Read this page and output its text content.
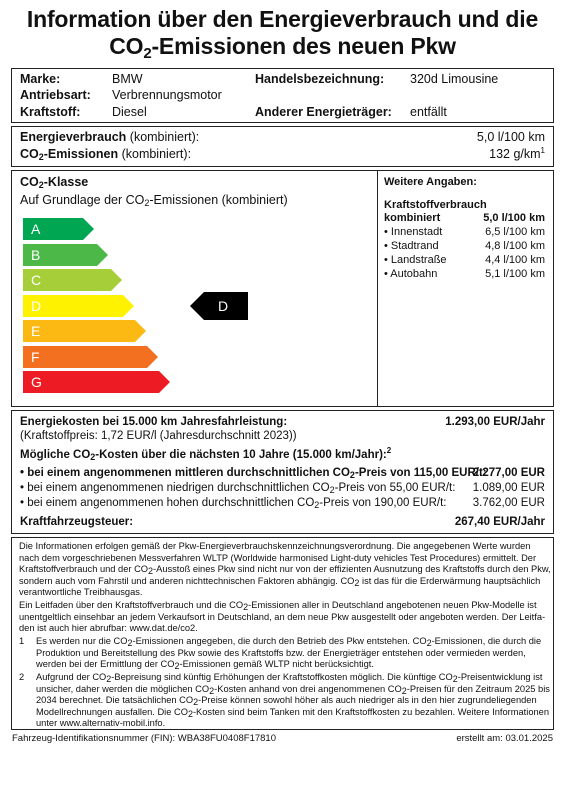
Information über den Energieverbrauch und die
$CO_2$-Emissionen des neuen Pkw
Marke:	BMW
Antriebsart: Verbrennungsmotor
Kraftstoff:	Diesel
Handelsbezeichnung: 320d Limousine
Anderer Energieträger: entfällt
Energieverbrauch (kombiniert):	5,0 l/100 km
CO2-Emissionen (kombiniert):	132 $g/km^1$
CO2-Klasse
Auf Grundlage der CO2-Emissionen (kombiniert)
A
B
C
D
E
F
G
D
Weitere Angaben:
Kraftstoffverbrauch
kombiniert	5,0 l/100 km
• Innenstadt	6,5 l/100 km
• Stadtrand	4,8 l/100 km
• Landstraße	4,4 l/100 km
• Autobahn	5,1 l/100 km
Energiekosten bei 15.000 km Jahresfahrleistung:	1.293,00 EUR/Jahr
(Kraftstoffpreis: 1,72 EUR/l (Jahresdurchschnitt 2023))
Mögliche CO2-Kosten über die nächsten 10 Jahre (15.000 km/Jahr):$^2$
• bei einem angenommenen mittleren durchschnittlichen CO2-Preis von 115,00 EUR/t:
2.277,00 EUR
• bei einem angenommenen niedrigen durchschnittlichen CO2-Preis von 55,00 EUR/t: 1.089,00 EUR
• bei einem angenommenen hohen durchschnittlichen CO2-Preis von 190,00 EUR/t: 3.762,00 EUR
Kraftfahrzeugsteuer:	267,40 EUR/Jahr
Die Informationen erfolgen gemäß der Pkw-Energieverbrauchskennzeichnungsverordnung. Die angegebenen Werte wurden
nach dem vorgeschriebenen Messverfahren WLTP (Worldwide harmonised Light-duty vehicles Test Procedures) ermittelt. Der
Kraftstoffverbrauch und der CO2-Ausstoß eines Pkw sind nicht nur von der effizienten Ausnutzung des Kraftstoffs durch den Pkw,
sondern auch vom Fahrstil und anderen nichttechnischen Faktoren abhängig. CO2 ist das für die Erderwärmung hauptsächlich
verantwortliche Treibhausgas.
Ein Leitfaden über den Kraftstoffverbrauch und die CO2-Emissionen aller in Deutschland angebotenen neuen Pkw-Modelle ist
unentgeltlich einsehbar an jedem Verkaufsort in Deutschland, an dem neue Pkw ausgestellt oder angeboten werden. Der Leitfa-
den ist auch hier abrufbar: www.dat.de/co2.
1 Es werden nur die CO2-Emissionen angegeben, die durch den Betrieb des Pkw entstehen. CO2-Emissionen, die durch die
Produktion und Bereitstellung des Pkw sowie des Kraftstoffs bzw. der Energieträger entstehen oder vermieden werden,
werden bei der Ermittlung der CO2-Emissionen gemäß WLTP nicht berücksichtigt.
2 Aufgrund der CO2-Bepreisung sind künftig Erhöhungen der Kraftstoffkosten möglich. Die künftige CO2-Preisentwicklung ist
unsicher, daher werden die möglichen CO2-Kosten anhand von drei angenommenen CO2-Preisen für den Zeitraum 2025 bis
2034 berechnet. Die tatsächlichen CO2-Preise können sowohl höher als auch niedriger als in den hier zugrundeliegenden
Modellrechnungen ausfallen. Die CO2-Kosten sind beim Tanken mit den Kraftstoffkosten zu bezahlen. Weitere Informationen
unter www.alternativ-mobil.info.
Fahrzeug-Identifikationsnummer (FIN): WBA38FU0408F17810	erstellt am: 03.01.2025
